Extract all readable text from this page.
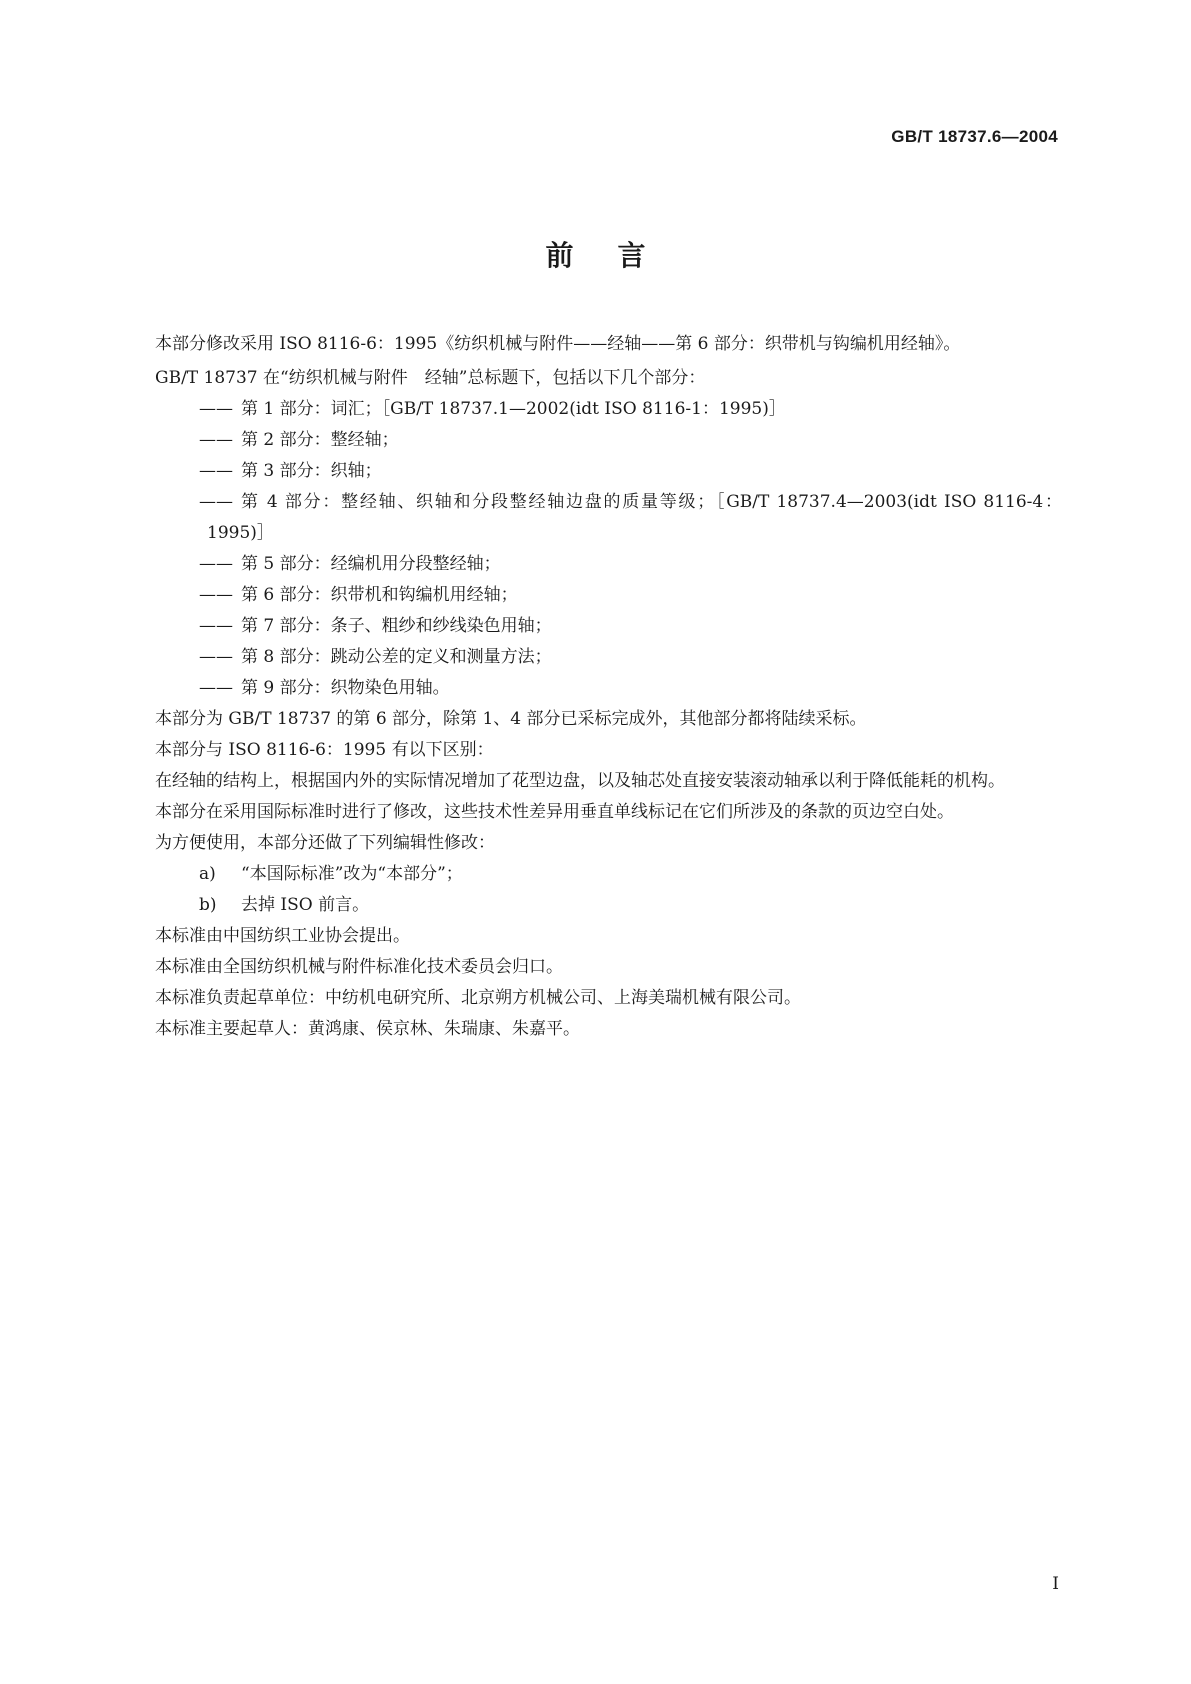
GB/T 18737.6—2004
前言

本部分修改采用 ISO 8116-6：1995《纺织机械与附件——经轴——第 6 部分：织带机与钩编机用经轴》。

GB/T 18737 在“纺织机械与附件　经轴”总标题下，包括以下几个部分：

—— 第 1 部分：词汇；［GB/T 18737.1—2002(idt ISO 8116-1：1995)］

—— 第 2 部分：整经轴；

—— 第 3 部分：织轴；

—— 第 4 部分：整经轴、织轴和分段整经轴边盘的质量等级；［GB/T 18737.4—2003(idt ISO 8116-4：1995)］

—— 第 5 部分：经编机用分段整经轴；

—— 第 6 部分：织带机和钩编机用经轴；

—— 第 7 部分：条子、粗纱和纱线染色用轴；

—— 第 8 部分：跳动公差的定义和测量方法；

—— 第 9 部分：织物染色用轴。

本部分为 GB/T 18737 的第 6 部分，除第 1、4 部分已采标完成外，其他部分都将陆续采标。

本部分与 ISO 8116-6：1995 有以下区别：

在经轴的结构上，根据国内外的实际情况增加了花型边盘，以及轴芯处直接安装滚动轴承以利于降低能耗的机构。

本部分在采用国际标准时进行了修改，这些技术性差异用垂直单线标记在它们所涉及的条款的页边空白处。

为方便使用，本部分还做了下列编辑性修改：

a) “本国际标准”改为“本部分”；

b) 去掉 ISO 前言。

本标准由中国纺织工业协会提出。

本标准由全国纺织机械与附件标准化技术委员会归口。

本标准负责起草单位：中纺机电研究所、北京朔方机械公司、上海美瑞机械有限公司。

本标准主要起草人：黄鸿康、侯京林、朱瑞康、朱嘉平。

I
